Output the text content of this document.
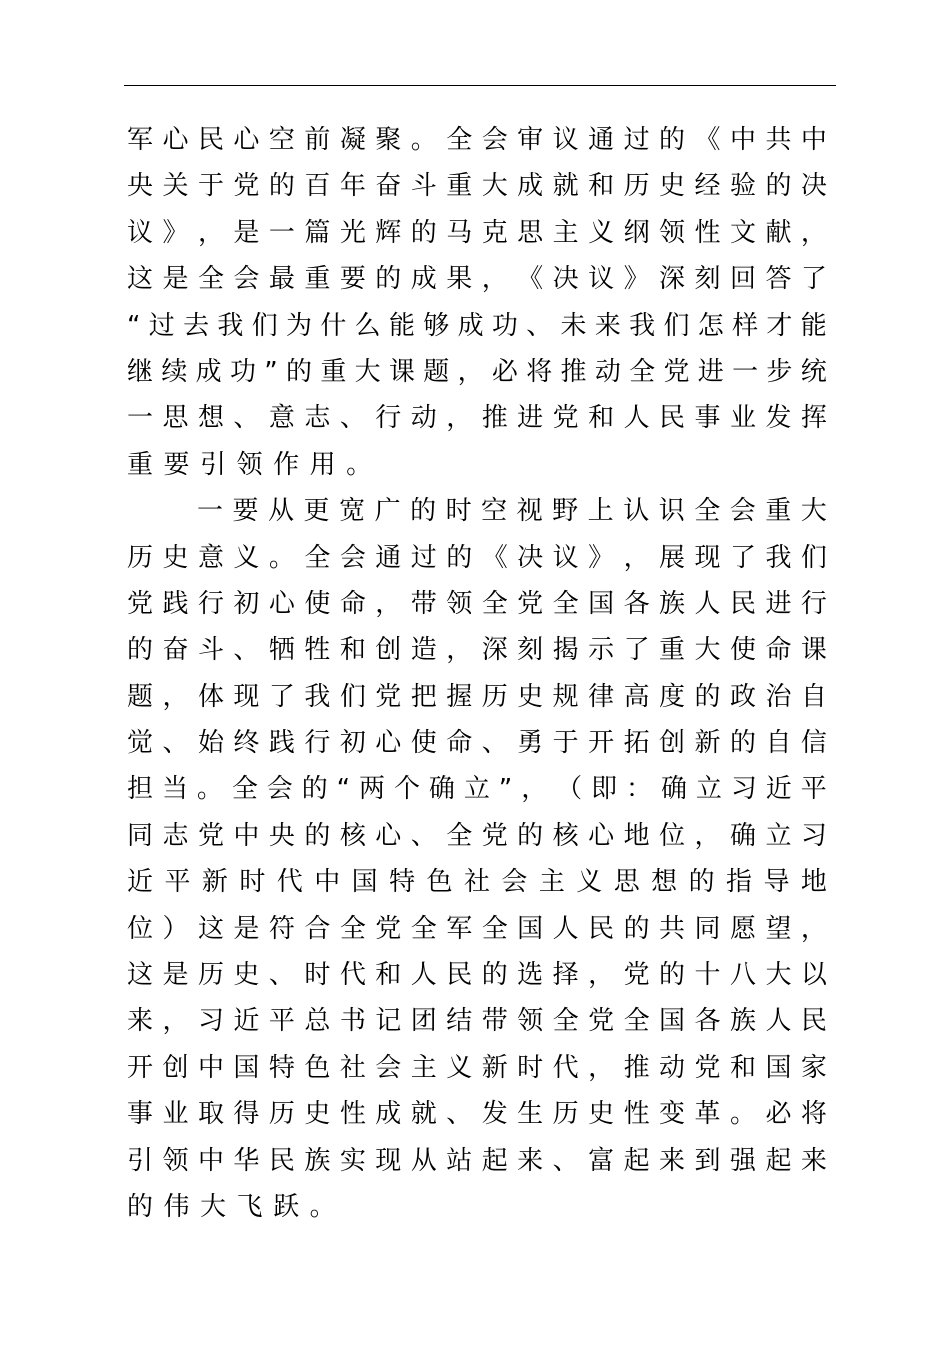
军 心 民 心 空 前 凝 聚 。 全 会 审 议 通 过 的 《 中 共 中
央 关 于 党 的 百 年 奋 斗 重 大 成 就 和 历 史 经 验 的 决
议 》 ， 是 一 篇 光 辉 的 马 克 思 主 义 纲 领 性 文 献 ，
这 是 全 会 最 重 要 的 成 果 ， 《 决 议 》 深 刻 回 答 了
“ 过 去 我 们 为 什 么 能 够 成 功 、 未 来 我 们 怎 样 才 能
继 续 成 功 ” 的 重 大 课 题 ， 必 将 推 动 全 党 进 一 步 统
一 思 想 、 意 志 、 行 动 ， 推 进 党 和 人 民 事 业 发 挥
重 要 引 领 作 用 。
一 要 从 更 宽 广 的 时 空 视 野 上 认 识 全 会 重 大
历 史 意 义 。 全 会 通 过 的 《 决 议 》 ， 展 现 了 我 们
党 践 行 初 心 使 命 ， 带 领 全 党 全 国 各 族 人 民 进 行
的 奋 斗 、 牺 牲 和 创 造 ， 深 刻 揭 示 了 重 大 使 命 课
题 ， 体 现 了 我 们 党 把 握 历 史 规 律 高 度 的 政 治 自
觉 、 始 终 践 行 初 心 使 命 、 勇 于 开 拓 创 新 的 自 信
担 当 。 全 会 的 “ 两 个 确 立 ” ， （ 即 ： 确 立 习 近 平
同 志 党 中 央 的 核 心 、 全 党 的 核 心 地 位 ， 确 立 习
近 平 新 时 代 中 国 特 色 社 会 主 义 思 想 的 指 导 地
位 ） 这 是 符 合 全 党 全 军 全 国 人 民 的 共 同 愿 望 ，
这 是 历 史 、 时 代 和 人 民 的 选 择 ， 党 的 十 八 大 以
来 ， 习 近 平 总 书 记 团 结 带 领 全 党 全 国 各 族 人 民
开 创 中 国 特 色 社 会 主 义 新 时 代 ， 推 动 党 和 国 家
事 业 取 得 历 史 性 成 就 、 发 生 历 史 性 变 革 。 必 将
引 领 中 华 民 族 实 现 从 站 起 来 、 富 起 来 到 强 起 来
的 伟 大 飞 跃 。
